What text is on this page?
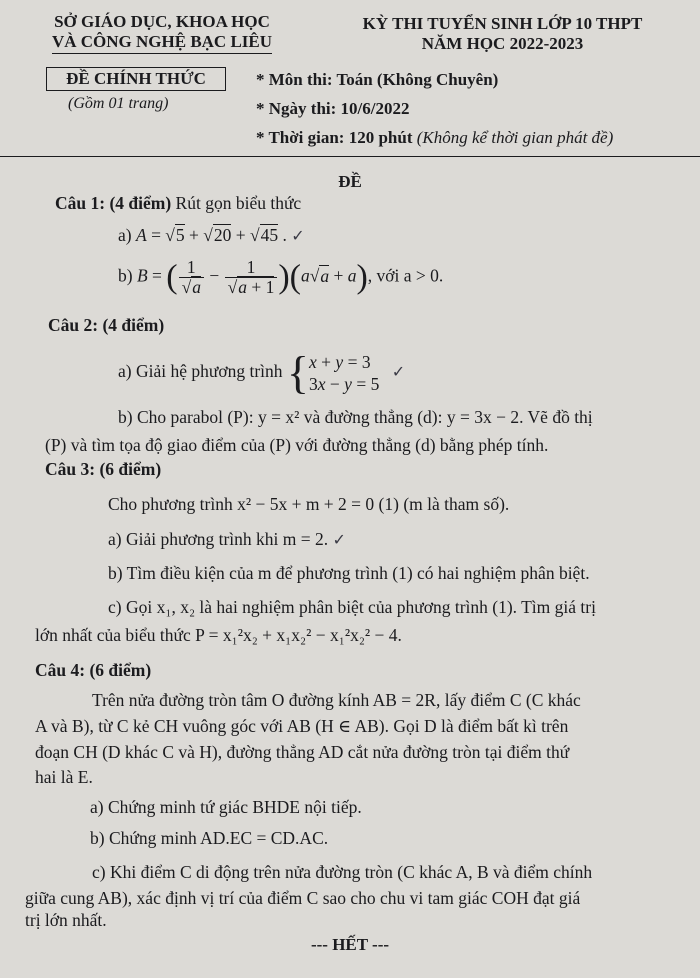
SỞ GIÁO DỤC, KHOA HỌC
VÀ CÔNG NGHỆ BẠC LIÊU
KỲ THI TUYỂN SINH LỚP 10 THPT
NĂM HỌC 2022-2023
ĐỀ CHÍNH THỨC
(Gồm 01 trang)
* Môn thi: Toán (Không Chuyên)
* Ngày thi: 10/6/2022
* Thời gian: 120 phút (Không kể thời gian phát đề)
ĐỀ
Câu 1: (4 điểm) Rút gọn biểu thức
a) A = √5 + √20 + √45 . ✓
b) B = ( $\frac{1}{√a} - \frac{1}{√a + 1} )(a√a + a)$, với a > 0.
Câu 2: (4 điểm)
a) Giải hệ phương trình {x + y = 3
3x − y = 5   ✓
b) Cho parabol (P): y = x² và đường thẳng (d): y = 3x − 2. Vẽ đồ thị
(P) và tìm tọa độ giao điểm của (P) với đường thẳng (d) bằng phép tính.
Câu 3: (6 điểm)
Cho phương trình x² − 5x + m + 2 = 0 (1) (m là tham số).
a) Giải phương trình khi m = 2. ✓
b) Tìm điều kiện của m để phương trình (1) có hai nghiệm phân biệt.
c) Gọi x₁, x₂ là hai nghiệm phân biệt của phương trình (1). Tìm giá trị
lớn nhất của biểu thức P = x₁²x₂ + x₁x₂² − x₁²x₂² − 4.
Câu 4: (6 điểm)
Trên nửa đường tròn tâm O đường kính AB = 2R, lấy điểm C (C khác
A và B), từ C kẻ CH vuông góc với AB (H ∈ AB). Gọi D là điểm bất kì trên
đoạn CH (D khác C và H), đường thẳng AD cắt nửa đường tròn tại điểm thứ
hai là E.
a) Chứng minh tứ giác BHDE nội tiếp.
b) Chứng minh AD.EC = CD.AC.
c) Khi điểm C di động trên nửa đường tròn (C khác A, B và điểm chính
giữa cung AB), xác định vị trí của điểm C sao cho chu vi tam giác COH đạt giá
trị lớn nhất.
--- HẾT ---
